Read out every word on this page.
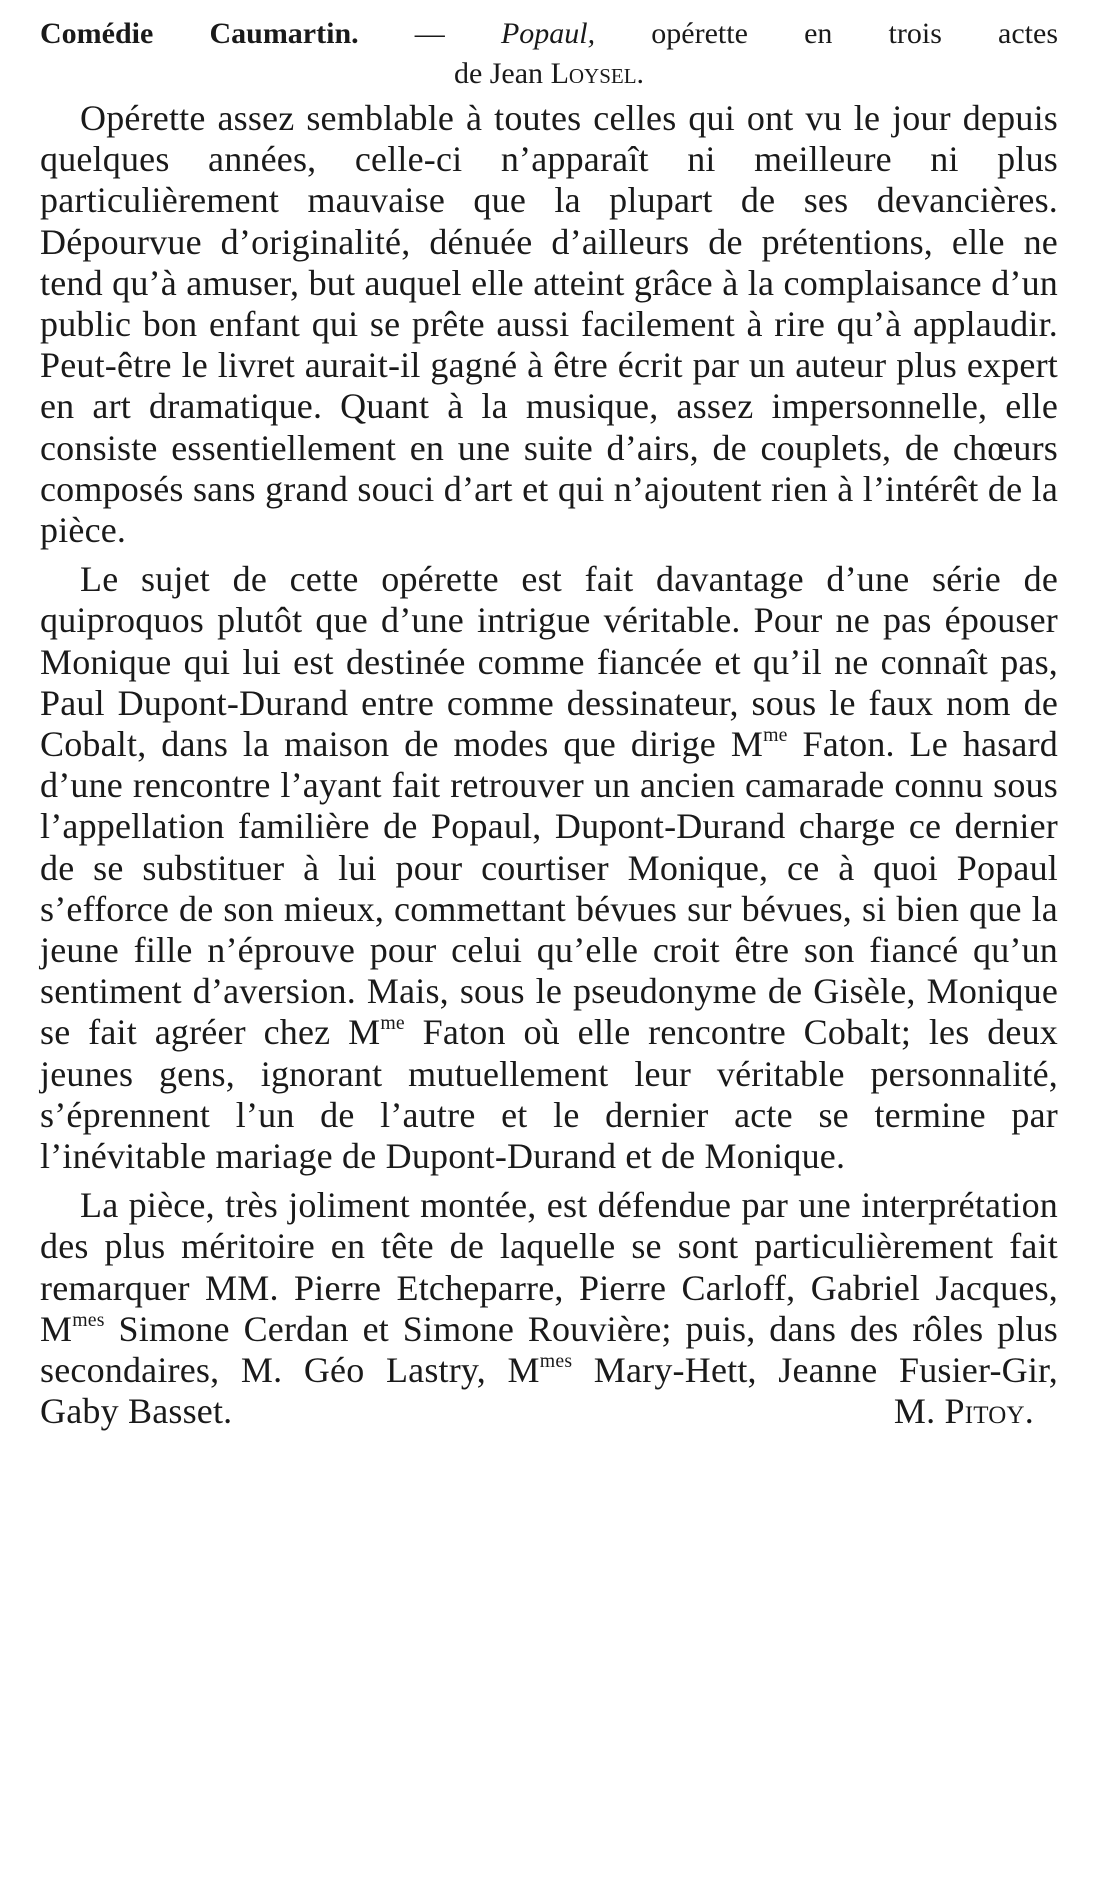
Comédie Caumartin. — Popaul, opérette en trois actes

de Jean Loysel.

Opérette assez semblable à toutes celles qui ont vu le jour depuis quelques années, celle-ci n’apparaît ni meilleure ni plus particulièrement mauvaise que la plupart de ses devancières. Dépourvue d’originalité, dénuée d’ailleurs de prétentions, elle ne tend qu’à amuser, but auquel elle atteint grâce à la complaisance d’un public bon enfant qui se prête aussi facilement à rire qu’à applaudir. Peut-être le livret aurait-il gagné à être écrit par un auteur plus expert en art dramatique. Quant à la musique, assez impersonnelle, elle consiste essentiellement en une suite d’airs, de couplets, de chœurs composés sans grand souci d’art et qui n’ajoutent rien à l’intérêt de la pièce.

Le sujet de cette opérette est fait davantage d’une série de quiproquos plutôt que d’une intrigue véritable. Pour ne pas épouser Monique qui lui est destinée comme fiancée et qu’il ne connaît pas, Paul Dupont-Durand entre comme dessinateur, sous le faux nom de Cobalt, dans la maison de modes que dirige $M^{me}$ Faton. Le hasard d’une rencontre l’ayant fait retrouver un ancien camarade connu sous l’appellation familière de Popaul, Dupont-Durand charge ce dernier de se substituer à lui pour courtiser Monique, ce à quoi Popaul s’efforce de son mieux, commettant bévues sur bévues, si bien que la jeune fille n’éprouve pour celui qu’elle croit être son fiancé qu’un sentiment d’aversion. Mais, sous le pseudonyme de Gisèle, Monique se fait agréer chez $M^{me}$ Faton où elle rencontre Cobalt; les deux jeunes gens, ignorant mutuellement leur véritable personnalité, s’éprennent l’un de l’autre et le dernier acte se termine par l’inévitable mariage de Dupont-Durand et de Monique.

La pièce, très joliment montée, est défendue par une interprétation des plus méritoire en tête de laquelle se sont particulièrement fait remarquer MM. Pierre Etcheparre, Pierre Carloff, Gabriel Jacques, $M^{mes}$ Simone Cerdan et Simone Rouvière; puis, dans des rôles plus secondaires, M. Géo Lastry, $M^{mes}$ Mary-Hett, Jeanne Fusier-Gir, Gaby Basset.	M. Pitoy.
